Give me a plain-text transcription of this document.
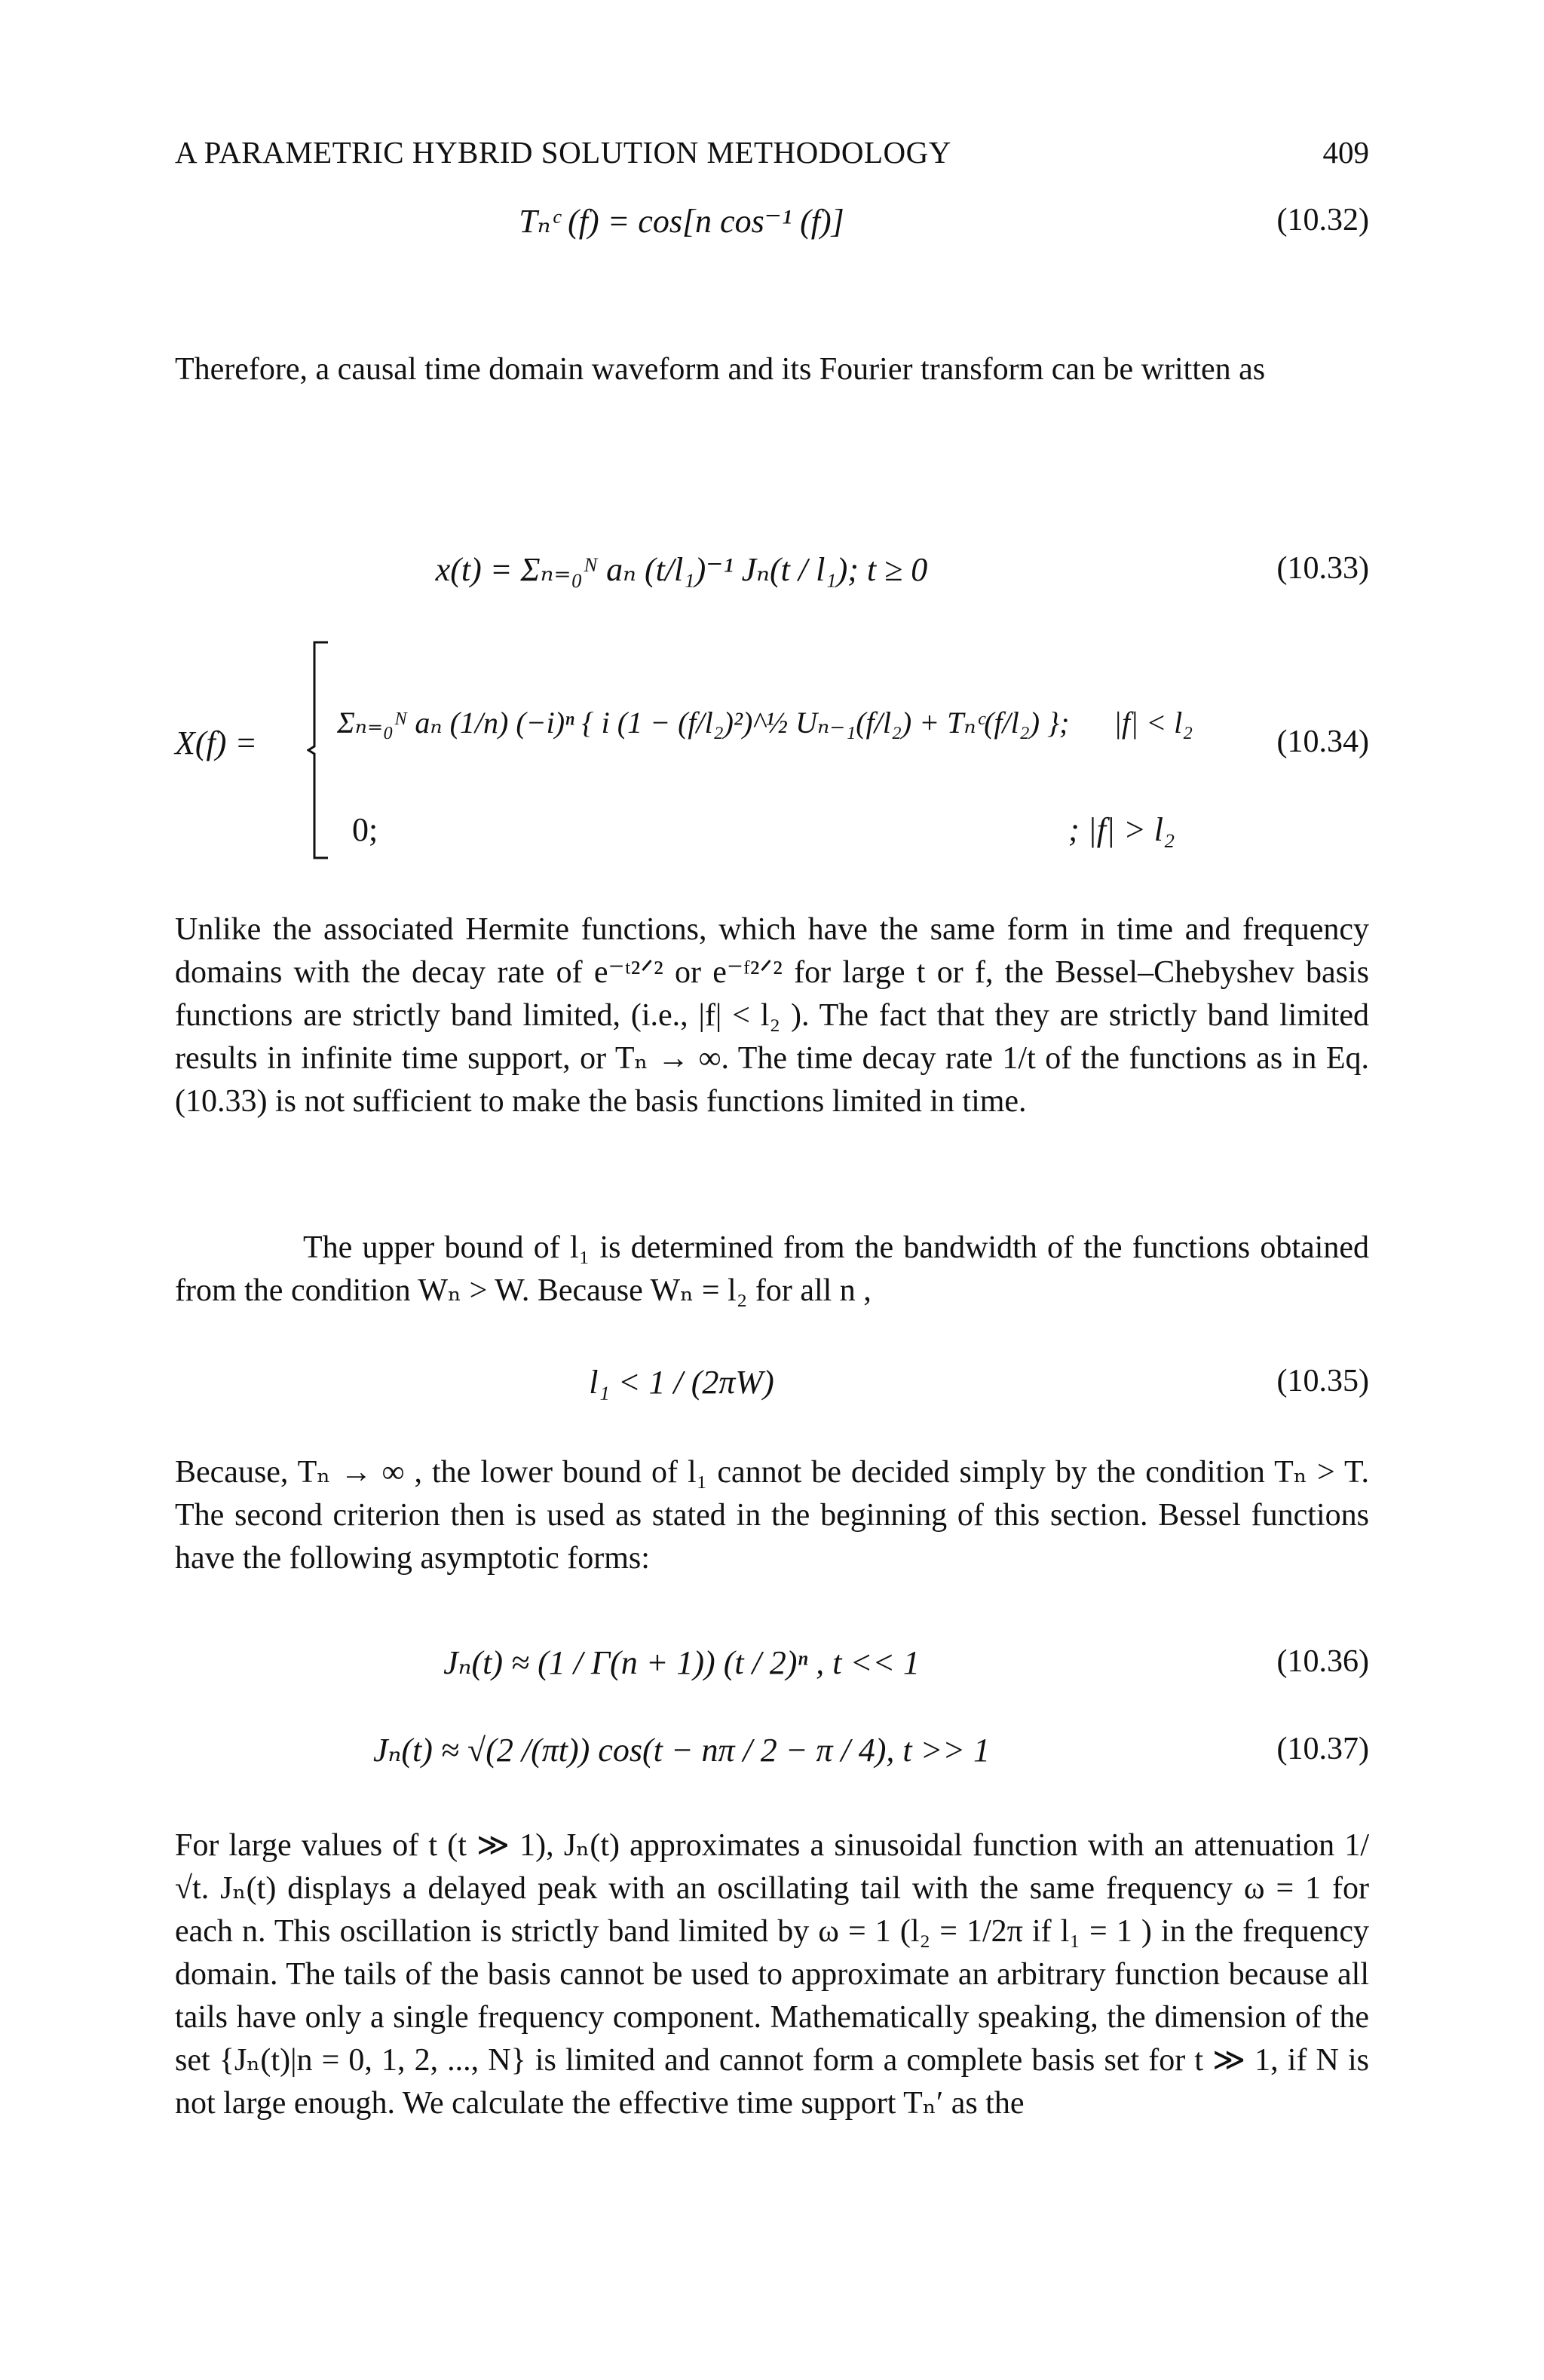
A PARAMETRIC HYBRID SOLUTION METHODOLOGY	409
Tₙᶜ (f) = cos[n cos⁻¹ (f)]	(10.32)

Therefore, a causal time domain waveform and its Fourier transform can be written as

x(t) = Σₙ₌₀ᴺ aₙ (t/l₁)⁻¹ Jₙ(t / l₁); t ≥ 0	(10.33)
X(f) =
Σₙ₌₀ᴺ aₙ (1/n) (−i)ⁿ { i (1 − (f/l₂)²)^½ Uₙ₋₁(f/l₂) + Tₙᶜ(f/l₂) };	|f| < l₂
0;	; |f| > l₂
(10.34)

Unlike the associated Hermite functions, which have the same form in time and frequency domains with the decay rate of e⁻ᵗ²ᐟ² or e⁻ᶠ²ᐟ² for large t or f, the Bessel–Chebyshev basis functions are strictly band limited, (i.e., |f| < l₂ ). The fact that they are strictly band limited results in infinite time support, or Tₙ → ∞. The time decay rate 1/t of the functions as in Eq. (10.33) is not sufficient to make the basis functions limited in time.

The upper bound of l₁ is determined from the bandwidth of the functions obtained from the condition Wₙ > W. Because Wₙ = l₂ for all n ,

l₁ < 1 / (2πW)	(10.35)

Because, Tₙ → ∞ , the lower bound of l₁ cannot be decided simply by the condition Tₙ > T. The second criterion then is used as stated in the beginning of this section. Bessel functions have the following asymptotic forms:

Jₙ(t) ≈ (1 / Γ(n + 1)) (t / 2)ⁿ , t << 1	(10.36)
Jₙ(t) ≈ √(2 /(πt)) cos(t − nπ / 2 − π / 4), t >> 1	(10.37)

For large values of t (t ≫ 1), Jₙ(t) approximates a sinusoidal function with an attenuation 1/√t. Jₙ(t) displays a delayed peak with an oscillating tail with the same frequency ω = 1 for each n. This oscillation is strictly band limited by ω = 1 (l₂ = 1/2π if l₁ = 1 ) in the frequency domain. The tails of the basis cannot be used to approximate an arbitrary function because all tails have only a single frequency component. Mathematically speaking, the dimension of the set {Jₙ(t)|n = 0, 1, 2, ..., N} is limited and cannot form a complete basis set for t ≫ 1, if N is not large enough. We calculate the effective time support Tₙ′ as the
